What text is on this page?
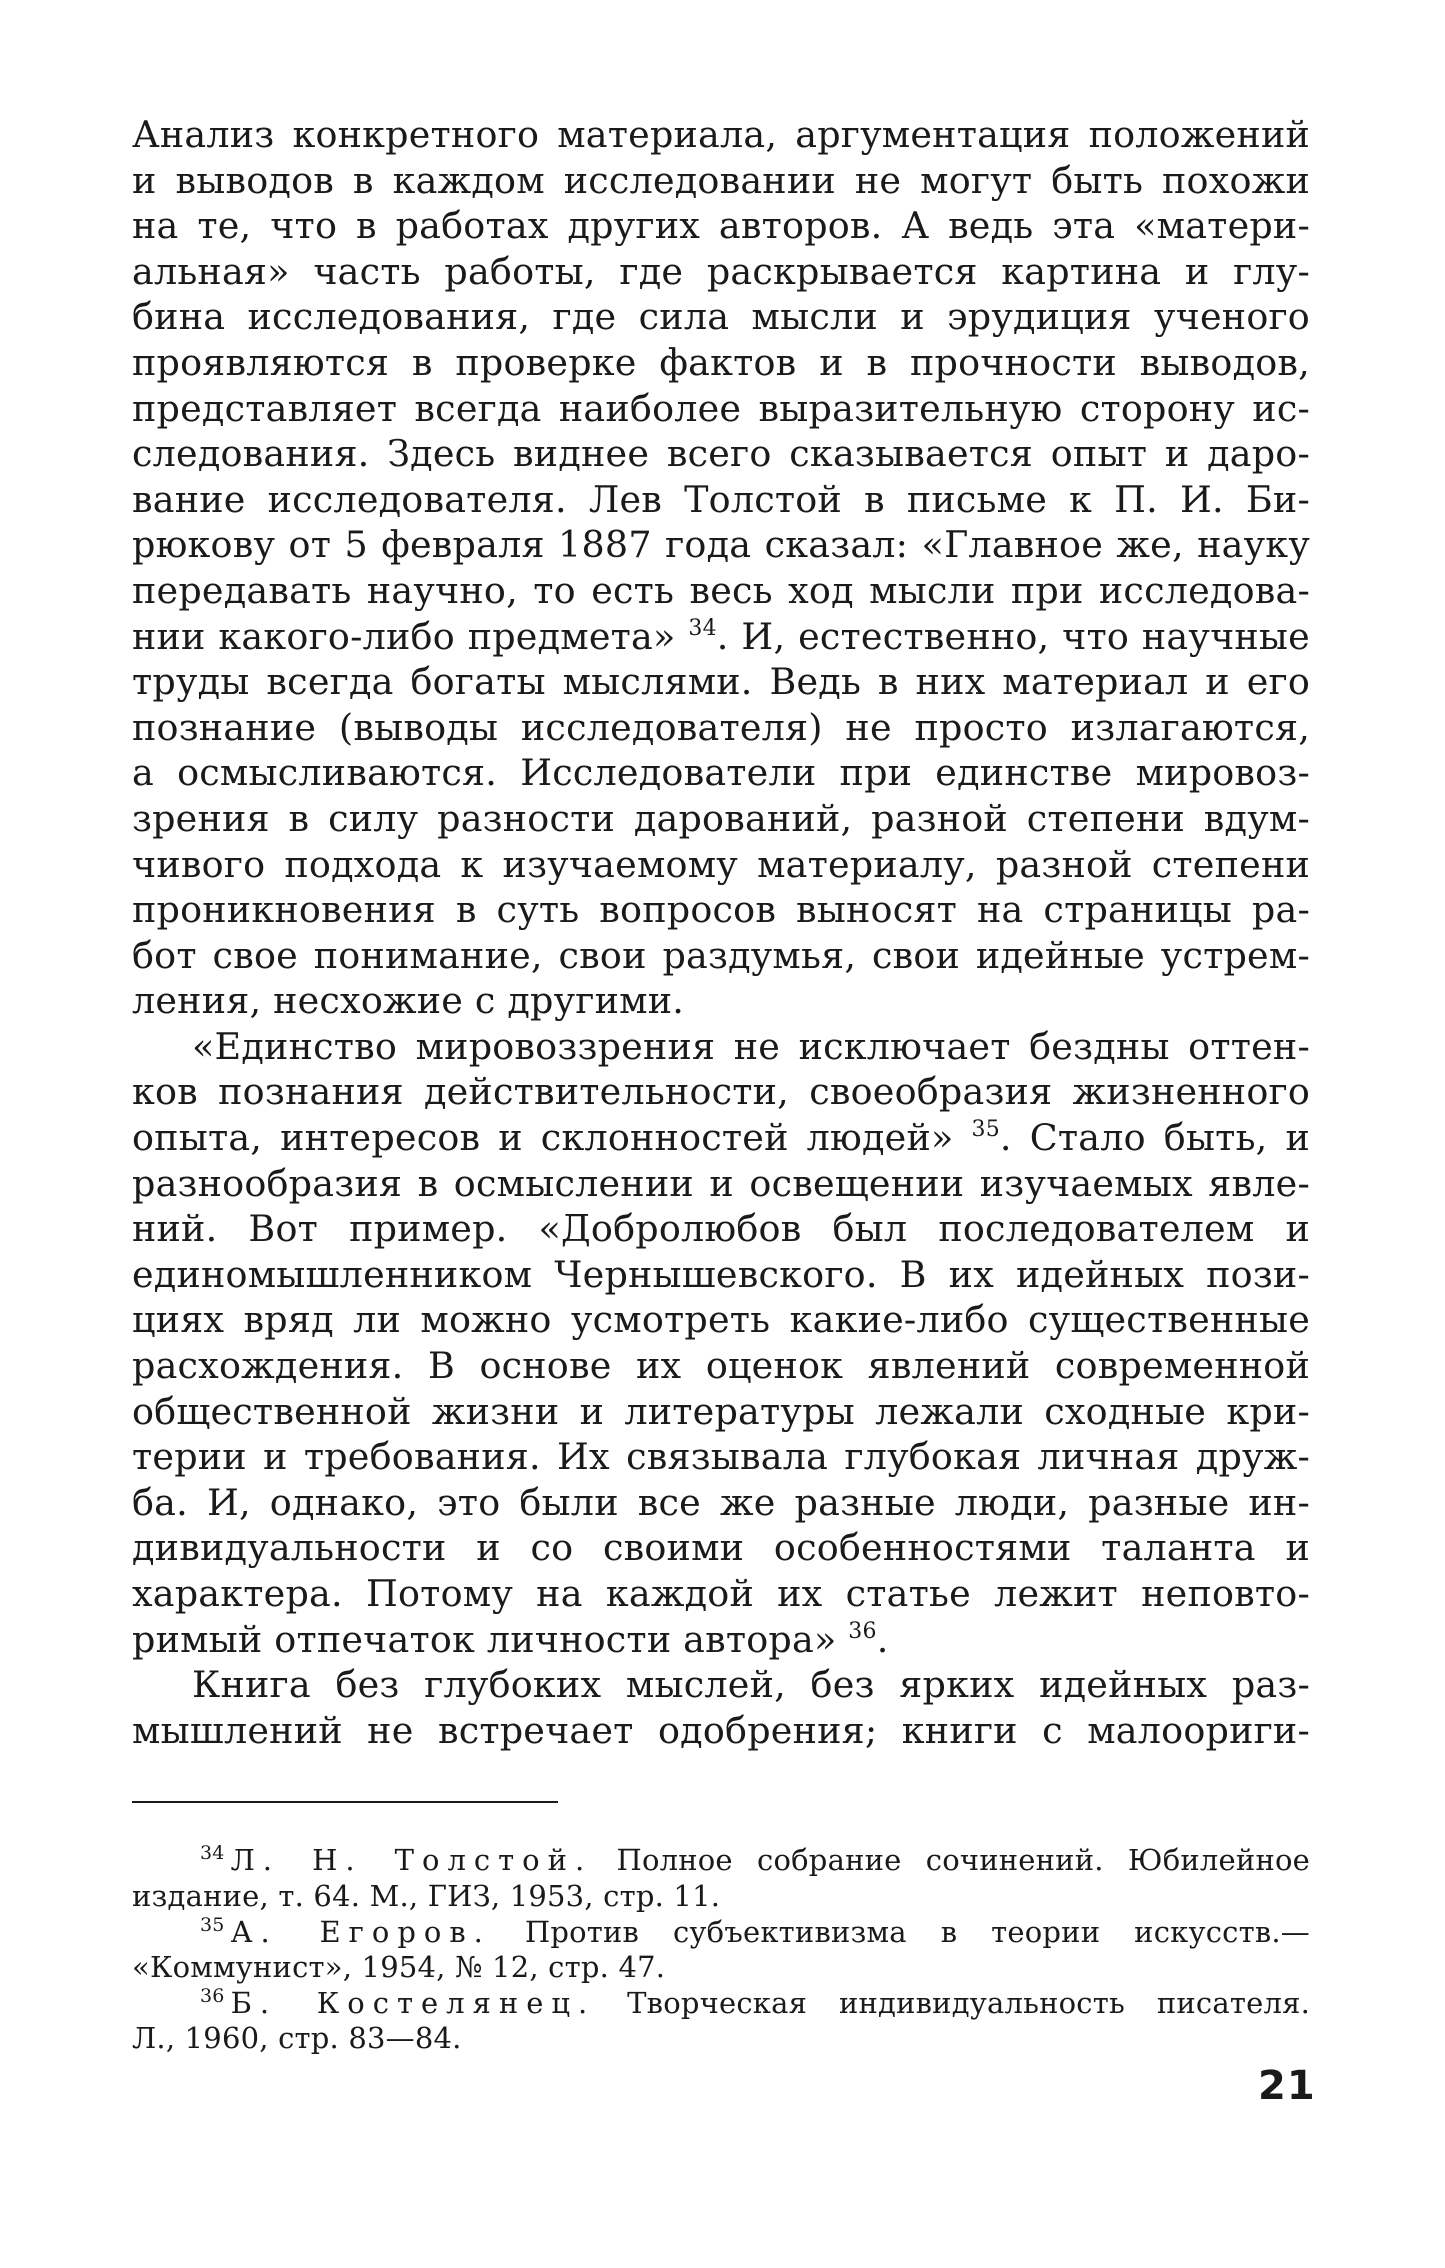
Анализ конкретного материала, аргументация положений
и выводов в каждом исследовании не могут быть похожи
на те, что в работах других авторов. А ведь эта «матери-
альная» часть работы, где раскрывается картина и глу-
бина исследования, где сила мысли и эрудиция ученого
проявляются в проверке фактов и в прочности выводов,
представляет всегда наиболее выразительную сторону ис-
следования. Здесь виднее всего сказывается опыт и даро-
вание исследователя. Лев Толстой в письме к П. И. Би-
рюкову от 5 февраля 1887 года сказал: «Главное же, науку
передавать научно, то есть весь ход мысли при исследова-
нии какого-либо предмета» $^{34}$. И, естественно, что научные
труды всегда богаты мыслями. Ведь в них материал и его
познание (выводы исследователя) не просто излагаются,
а осмысливаются. Исследователи при единстве мировоз-
зрения в силу разности дарований, разной степени вдум-
чивого подхода к изучаемому материалу, разной степени
проникновения в суть вопросов выносят на страницы ра-
бот свое понимание, свои раздумья, свои идейные устрем-
ления, несхожие с другими.
«Единство мировоззрения не исключает бездны оттен-
ков познания действительности, своеобразия жизненного
опыта, интересов и склонностей людей» $^{35}$. Стало быть, и
разнообразия в осмыслении и освещении изучаемых явле-
ний. Вот пример. «Добролюбов был последователем и
единомышленником Чернышевского. В их идейных пози-
циях вряд ли можно усмотреть какие-либо существенные
расхождения. В основе их оценок явлений современной
общественной жизни и литературы лежали сходные кри-
терии и требования. Их связывала глубокая личная друж-
ба. И, однако, это были все же разные люди, разные ин-
дивидуальности и со своими особенностями таланта и
характера. Потому на каждой их статье лежит неповто-
римый отпечаток личности автора» $^{36}$.
Книга без глубоких мыслей, без ярких идейных раз-
мышлений не встречает одобрения; книги с малоориги-
$^{34}$ Л. Н. Толстой. Полное собрание сочинений. Юбилейное
издание, т. 64. М., ГИЗ, 1953, стр. 11.
$^{35}$ А. Егоров. Против субъективизма в теории искусств.—
«Коммунист», 1954, № 12, стр. 47.
$^{36}$ Б. Костелянец. Творческая индивидуальность писателя.
Л., 1960, стр. 83—84.
21
